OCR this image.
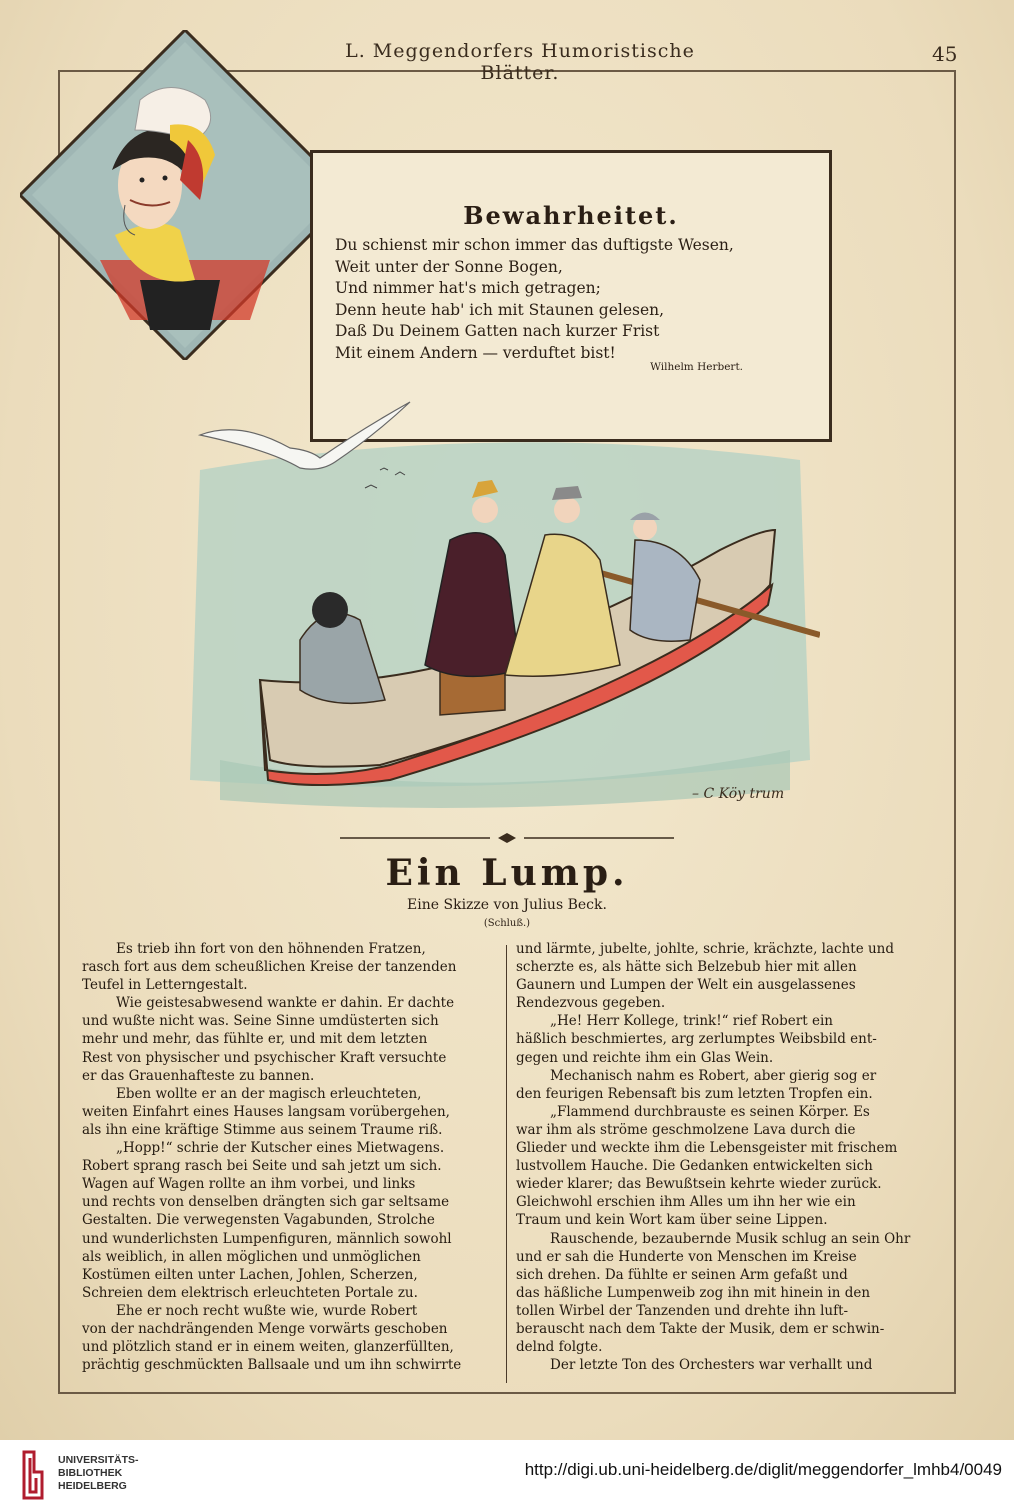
L. Meggendorfers Humoristische Blätter.
45
Bewahrheitet.
Du schienst mir schon immer das duftigste Wesen,
Weit unter der Sonne Bogen,
Und nimmer hat's mich getragen;
Denn heute hab' ich mit Staunen gelesen,
Daß Du Deinem Gatten nach kurzer Frist
Mit einem Andern — verduftet bist!
Wilhelm Herbert.
– C Köy trum
Ein Lump.
Eine Skizze von Julius Beck.
(Schluß.)
Es trieb ihn fort von den höhnenden Fratzen,
rasch fort aus dem scheußlichen Kreise der tanzenden
Teufel in Letterngestalt.
Wie geistesabwesend wankte er dahin. Er dachte
und wußte nicht was. Seine Sinne umdüsterten sich
mehr und mehr, das fühlte er, und mit dem letzten
Rest von physischer und psychischer Kraft versuchte
er das Grauenhafteste zu bannen.
Eben wollte er an der magisch erleuchteten,
weiten Einfahrt eines Hauses langsam vorübergehen,
als ihn eine kräftige Stimme aus seinem Traume riß.
„Hopp!“ schrie der Kutscher eines Mietwagens.
Robert sprang rasch bei Seite und sah jetzt um sich.
Wagen auf Wagen rollte an ihm vorbei, und links
und rechts von denselben drängten sich gar seltsame
Gestalten. Die verwegensten Vagabunden, Strolche
und wunderlichsten Lumpenfiguren, männlich sowohl
als weiblich, in allen möglichen und unmöglichen
Kostümen eilten unter Lachen, Johlen, Scherzen,
Schreien dem elektrisch erleuchteten Portale zu.
Ehe er noch recht wußte wie, wurde Robert
von der nachdrängenden Menge vorwärts geschoben
und plötzlich stand er in einem weiten, glanzerfüllten,
prächtig geschmückten Ballsaale und um ihn schwirrte
und lärmte, jubelte, johlte, schrie, krächzte, lachte und
scherzte es, als hätte sich Belzebub hier mit allen
Gaunern und Lumpen der Welt ein ausgelassenes
Rendezvous gegeben.
„He! Herr Kollege, trink!“ rief Robert ein
häßlich beschmiertes, arg zerlumptes Weibsbild ent-
gegen und reichte ihm ein Glas Wein.
Mechanisch nahm es Robert, aber gierig sog er
den feurigen Rebensaft bis zum letzten Tropfen ein.
„Flammend durchbrauste es seinen Körper. Es
war ihm als ströme geschmolzene Lava durch die
Glieder und weckte ihm die Lebensgeister mit frischem
lustvollem Hauche. Die Gedanken entwickelten sich
wieder klarer; das Bewußtsein kehrte wieder zurück.
Gleichwohl erschien ihm Alles um ihn her wie ein
Traum und kein Wort kam über seine Lippen.
Rauschende, bezaubernde Musik schlug an sein Ohr
und er sah die Hunderte von Menschen im Kreise
sich drehen. Da fühlte er seinen Arm gefaßt und
das häßliche Lumpenweib zog ihn mit hinein in den
tollen Wirbel der Tanzenden und drehte ihn luft-
berauscht nach dem Takte der Musik, dem er schwin-
delnd folgte.
Der letzte Ton des Orchesters war verhallt und
UNIVERSITÄTS-
BIBLIOTHEK
HEIDELBERG
http://digi.ub.uni-heidelberg.de/diglit/meggendorfer_lmhb4/0049
